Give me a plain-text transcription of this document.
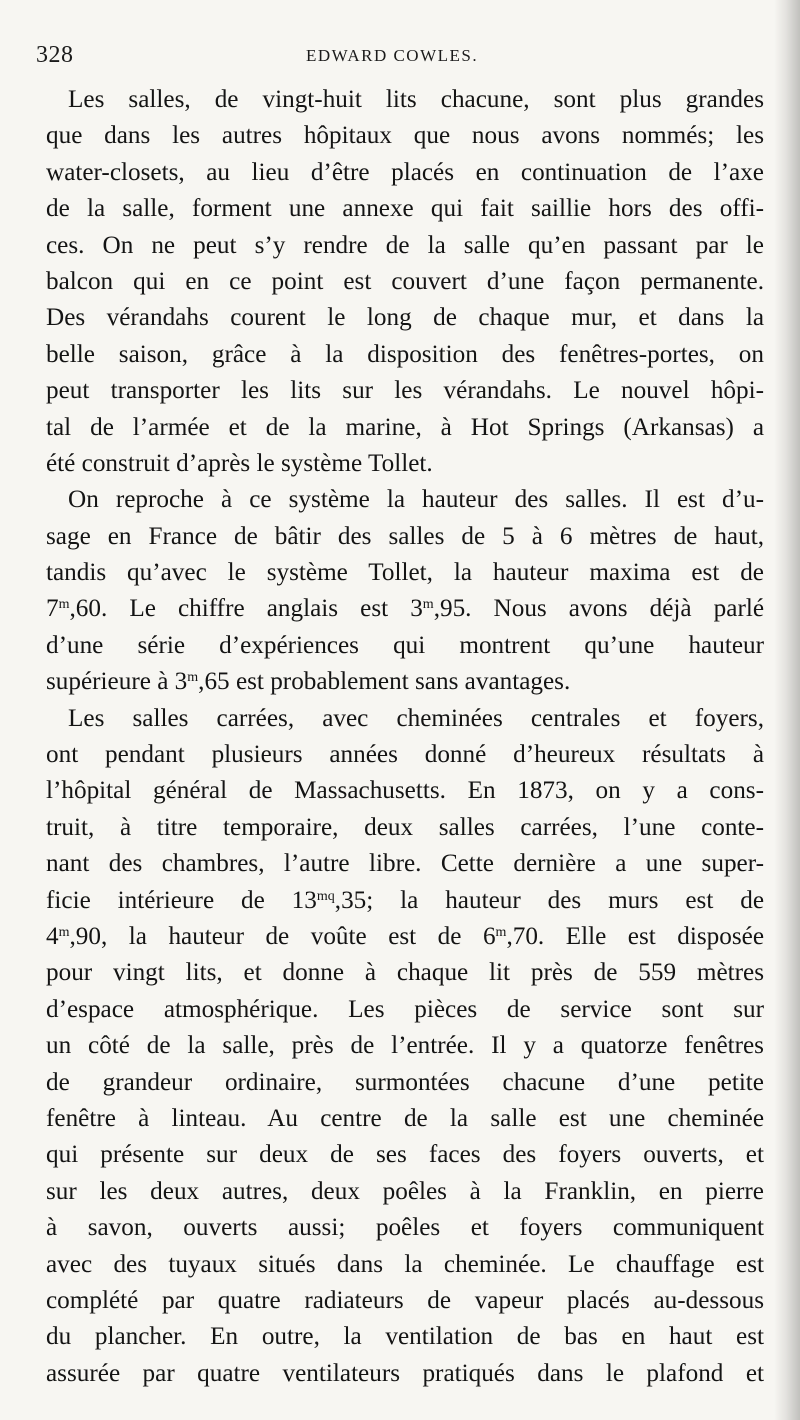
328	EDWARD COWLES.
Les salles, de vingt-huit lits chacune, sont plus grandes
que dans les autres hôpitaux que nous avons nommés; les
water-closets, au lieu d’être placés en continuation de l’axe
de la salle, forment une annexe qui fait saillie hors des offi-
ces. On ne peut s’y rendre de la salle qu’en passant par le
balcon qui en ce point est couvert d’une façon permanente.
Des vérandahs courent le long de chaque mur, et dans la
belle saison, grâce à la disposition des fenêtres-portes, on
peut transporter les lits sur les vérandahs. Le nouvel hôpi-
tal de l’armée et de la marine, à Hot Springs (Arkansas) a
été construit d’après le système Tollet.
On reproche à ce système la hauteur des salles. Il est d’u-
sage en France de bâtir des salles de 5 à 6 mètres de haut,
tandis qu’avec le système Tollet, la hauteur maxima est de
7$^m$,60. Le chiffre anglais est 3$^m$,95. Nous avons déjà parlé
d’une série d’expériences qui montrent qu’une hauteur
supérieure à 3$^m$,65 est probablement sans avantages.
Les salles carrées, avec cheminées centrales et foyers,
ont pendant plusieurs années donné d’heureux résultats à
l’hôpital général de Massachusetts. En 1873, on y a cons-
truit, à titre temporaire, deux salles carrées, l’une conte-
nant des chambres, l’autre libre. Cette dernière a une super-
ficie intérieure de $13^{mq},35$; la hauteur des murs est de
4$^m$,90, la hauteur de voûte est de 6$^m$,70. Elle est disposée
pour vingt lits, et donne à chaque lit près de 559 mètres
d’espace atmosphérique. Les pièces de service sont sur
un côté de la salle, près de l’entrée. Il y a quatorze fenêtres
de grandeur ordinaire, surmontées chacune d’une petite
fenêtre à linteau. Au centre de la salle est une cheminée
qui présente sur deux de ses faces des foyers ouverts, et
sur les deux autres, deux poêles à la Franklin, en pierre
à savon, ouverts aussi; poêles et foyers communiquent
avec des tuyaux situés dans la cheminée. Le chauffage est
complété par quatre radiateurs de vapeur placés au-dessous
du plancher. En outre, la ventilation de bas en haut est
assurée par quatre ventilateurs pratiqués dans le plafond et
